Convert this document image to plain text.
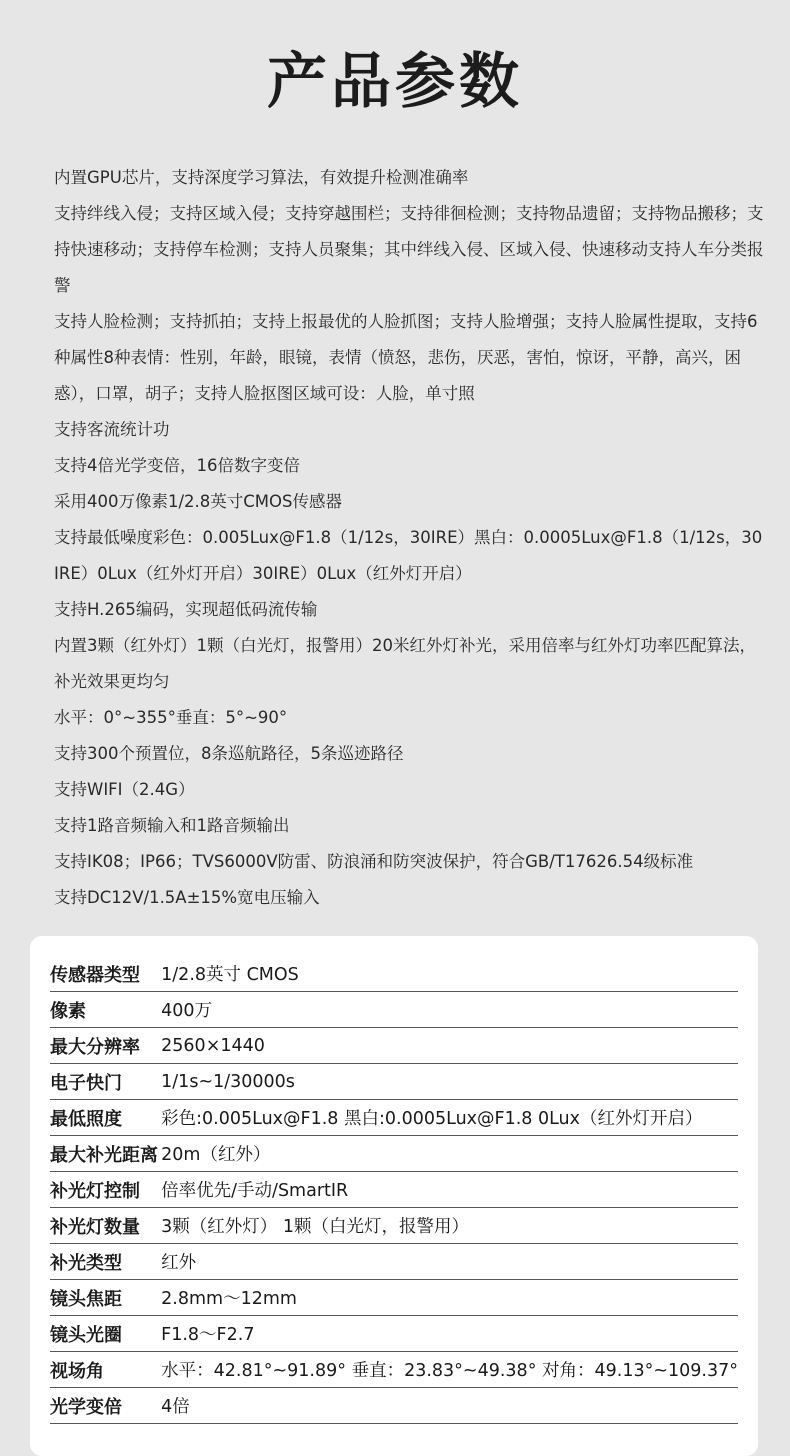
产品参数
内置GPU芯片，支持深度学习算法，有效提升检测准确率
支持绊线入侵；支持区域入侵；支持穿越围栏；支持徘徊检测；支持物品遗留；支持物品搬移；支持快速移动；支持停车检测；支持人员聚集；其中绊线入侵、区域入侵、快速移动支持人车分类报警
支持人脸检测；支持抓拍；支持上报最优的人脸抓图；支持人脸增强；支持人脸属性提取，支持6种属性8种表情：性别，年龄，眼镜，表情（愤怒，悲伤，厌恶，害怕，惊讶，平静，高兴，困惑），口罩，胡子；支持人脸抠图区域可设：人脸，单寸照
支持客流统计功
支持4倍光学变倍，16倍数字变倍
采用400万像素1/2.8英寸CMOS传感器
支持最低噪度彩色：0.005Lux@F1.8（1/12s，30IRE）黑白：0.0005Lux@F1.8（1/12s，30IRE）0Lux（红外灯开启）30IRE）0Lux（红外灯开启）
支持H.265编码，实现超低码流传输
内置3颗（红外灯）1颗（白光灯，报警用）20米红外灯补光，采用倍率与红外灯功率匹配算法，补光效果更均匀
水平：0°~355°垂直：5°~90°
支持300个预置位，8条巡航路径，5条巡迹路径
支持WIFI（2.4G）
支持1路音频输入和1路音频输出
支持IK08；IP66；TVS6000V防雷、防浪涌和防突波保护，符合GB/T17626.54级标准
支持DC12V/1.5A±15%宽电压输入
传感器类型	1/2.8英寸 CMOS
像素	400万
最大分辨率	2560×1440
电子快门	1/1s~1/30000s
最低照度	彩色:0.005Lux@F1.8 黑白:0.0005Lux@F1.8 0Lux（红外灯开启）
最大补光距离	20m（红外）
补光灯控制	倍率优先/手动/SmartIR
补光灯数量	3颗（红外灯） 1颗（白光灯，报警用）
补光类型	红外
镜头焦距	2.8mm〜12mm
镜头光圈	F1.8〜F2.7
视场角	水平：42.81°~91.89° 垂直：23.83°~49.38° 对角：49.13°~109.37°
光学变倍	4倍
